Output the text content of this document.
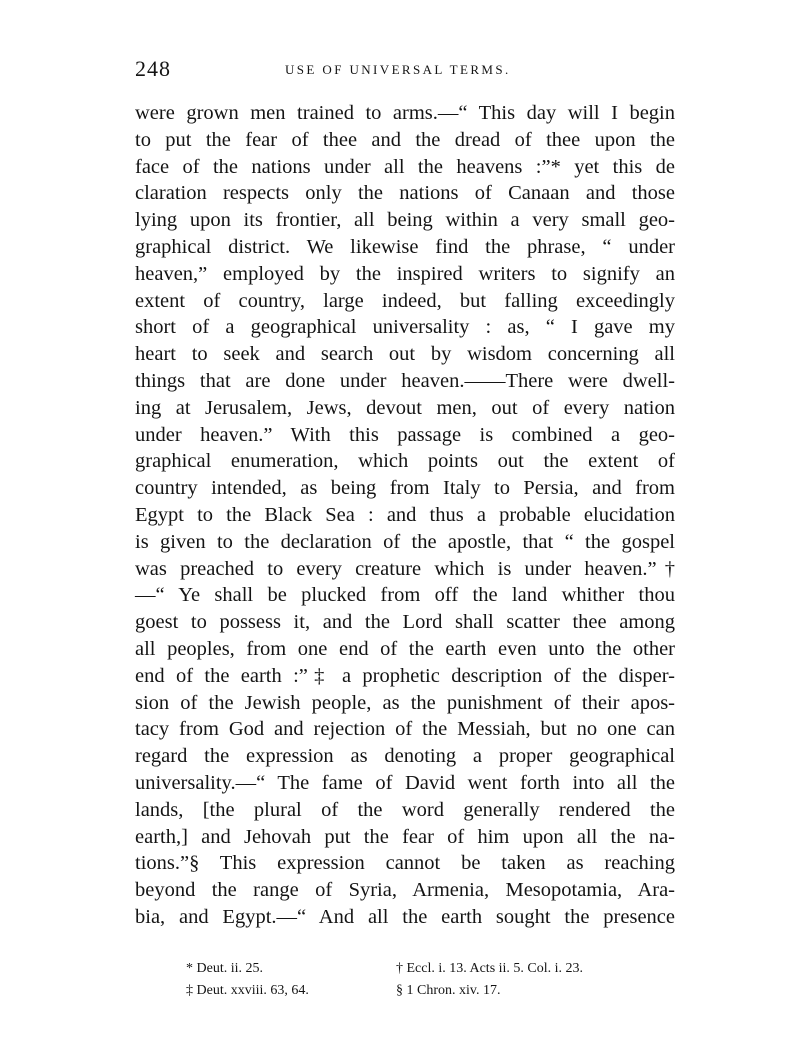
248	USE OF UNIVERSAL TERMS.
were grown men trained to arms.—“ This day will I begin
to put the fear of thee and the dread of thee upon the
face of the nations under all the heavens :”* yet this de
claration respects only the nations of Canaan and those
lying upon its frontier, all being within a very small geo-
graphical district. We likewise find the phrase, “ under
heaven,” employed by the inspired writers to signify an
extent of country, large indeed, but falling exceedingly
short of a geographical universality : as, “ I gave my
heart to seek and search out by wisdom concerning all
things that are done under heaven.——There were dwell-
ing at Jerusalem, Jews, devout men, out of every nation
under heaven.” With this passage is combined a geo-
graphical enumeration, which points out the extent of
country intended, as being from Italy to Persia, and from
Egypt to the Black Sea : and thus a probable elucidation
is given to the declaration of the apostle, that “ the gospel
was preached to every creature which is under heaven.”†
—“ Ye shall be plucked from off the land whither thou
goest to possess it, and the Lord shall scatter thee among
all peoples, from one end of the earth even unto the other
end of the earth :”‡ a prophetic description of the disper-
sion of the Jewish people, as the punishment of their apos-
tacy from God and rejection of the Messiah, but no one can
regard the expression as denoting a proper geographical
universality.—“ The fame of David went forth into all the
lands, [the plural of the word generally rendered the
earth,] and Jehovah put the fear of him upon all the na-
tions.”§ This expression cannot be taken as reaching
beyond the range of Syria, Armenia, Mesopotamia, Ara-
bia, and Egypt.—“ And all the earth sought the presence
* Deut. ii. 25.	† Eccl. i. 13. Acts ii. 5. Col. i. 23.
‡ Deut. xxviii. 63, 64.	§ 1 Chron. xiv. 17.
